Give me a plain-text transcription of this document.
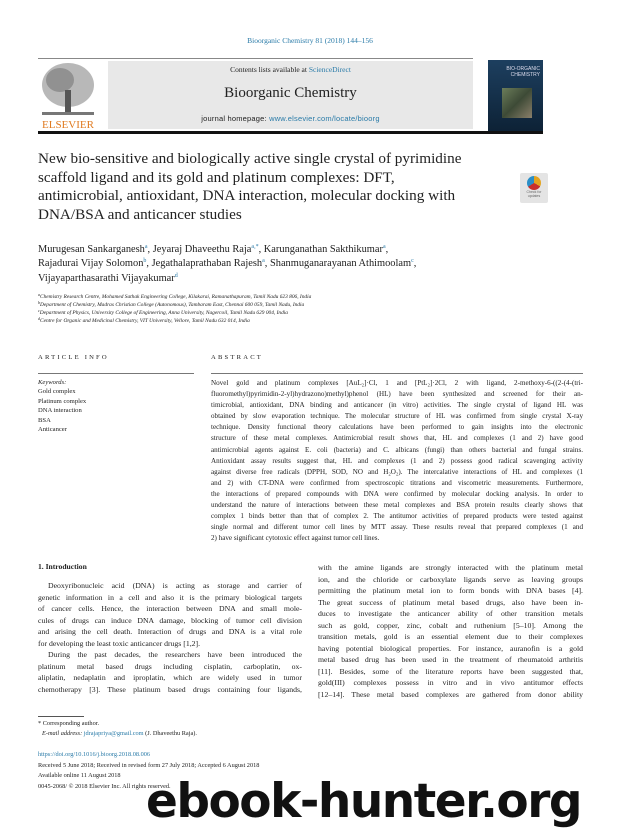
Bioorganic Chemistry 81 (2018) 144–156
ELSEVIER
Contents lists available at ScienceDirect
Bioorganic Chemistry
journal homepage: www.elsevier.com/locate/bioorg
BIO-ORGANIC CHEMISTRY
New bio-sensitive and biologically active single crystal of pyrimidine scaffold ligand and its gold and platinum complexes: DFT, antimicrobial, antioxidant, DNA interaction, molecular docking with DNA/BSA and anticancer studies
Check for updates
Murugesan Sankarganesh$^a$, Jeyaraj Dhaveethu Raja$^{a,*}$, Karunganathan Sakthikumar$^a$,
Rajadurai Vijay Solomon$^b$, Jegathalaprathaban Rajesh$^a$, Shanmuganarayanan Athimoolam$^c$,
Vijayaparthasarathi Vijayakumar$^d$
$^a$Chemistry Research Centre, Mohamed Sathak Engineering College, Kilakarai, Ramanathapuram, Tamil Nadu 623 806, India
$^b$Department of Chemistry, Madras Christian College (Autonomous), Tambaram East, Chennai 600 059, Tamil Nadu, India
$^c$Department of Physics, University College of Engineering, Anna University, Nagercoil, Tamil Nadu 629 004, India
$^d$Centre for Organic and Medicinal Chemistry, VIT University, Vellore, Tamil Nadu 632 014, India
ARTICLE INFO	ABSTRACT
Keywords:
Gold complex
Platinum complex
DNA interaction
BSA
Anticancer
Novel gold and platinum complexes [AuL₂]·Cl, 1 and [PtL₂]·2Cl, 2 with ligand, 2-methoxy-6-((2-(4-(tri-
fluoromethyl)pyrimidin-2-yl)hydrazono)methyl)phenol (HL) have been synthesized and screened for their an-
timicrobial, antioxidant, DNA binding and anticancer (in vitro) activities. The single crystal of ligand HL was
obtained by slow evaporation technique. The molecular structure of HL was confirmed from single crystal X-ray
technique. Density functional theory calculations have been performed to gain insights into the electronic
structure of these metal complexes. Antimicrobial result shows that, HL and complexes (1 and 2) have good
antimicrobial agents against E. coli (bacteria) and C. albicans (fungi) than others bacterial and fungal strains.
Antioxidant assay results suggest that, HL and complexes (1 and 2) possess good radical scavenging activity
against diverse free radicals (DPPH, SOD, NO and H₂O₂). The intercalative interactions of HL and complexes (1
and 2) with CT-DNA were confirmed from spectroscopic titrations and viscometric measurements. Furthermore,
the interactions of prepared compounds with DNA were confirmed by molecular docking analysis. In order to
understand the nature of interactions between these metal complexes and BSA protein results clearly shows that
complex 1 binds better than that of complex 2. The antitumor activities of prepared products were tested against
single normal and different tumor cell lines by MTT assay. These results reveal that prepared complexes (1 and
2) have significant cytotoxic effect against tumor cell lines.
1. Introduction
Deoxyribonucleic acid (DNA) is acting as storage and carrier of
genetic information in a cell and also it is the primary biological targets
of cancer cells. Hence, the interaction between DNA and small mole-
cules of drugs can induce DNA damage, blocking of tumor cell division
and arising the cell death. Interaction of drugs and DNA is a vital role
for developing the least toxic anticancer drugs [1,2].
During the past decades, the researchers have been introduced the
platinum metal based drugs including cisplatin, carboplatin, ox-
aliplatin, nedaplatin and iproplatin, which are widely used in tumor
chemotherapy [3]. These platinum based drugs containing four ligands,
with the amine ligands are strongly interacted with the platinum metal
ion, and the chloride or carboxylate ligands serve as leaving groups
permitting the platinum metal ion to form bonds with DNA bases [4].
The great success of platinum metal based drugs, also have been in-
duces to investigate the anticancer ability of other transition metals
such as gold, copper, zinc, cobalt and ruthenium [5–10]. Among the
transition metals, gold is an essential element due to their complexes
having potential biological properties. For instance, auranofin is a gold
metal based drug has been used in the treatment of rheumatoid arthritis
[11]. Besides, some of the literature reports have been suggested that,
gold(III) complexes possess in vitro and in vivo antitumor effects
[12–14]. These metal based complexes are gathered from donor ability
* Corresponding author.
E-mail address: jdrajapriya@gmail.com (J. Dhaveethu Raja).
https://doi.org/10.1016/j.bioorg.2018.08.006
Received 5 June 2018; Received in revised form 27 July 2018; Accepted 6 August 2018
Available online 11 August 2018
0045-2068/ © 2018 Elsevier Inc. All rights reserved.
ebook-hunter.org
